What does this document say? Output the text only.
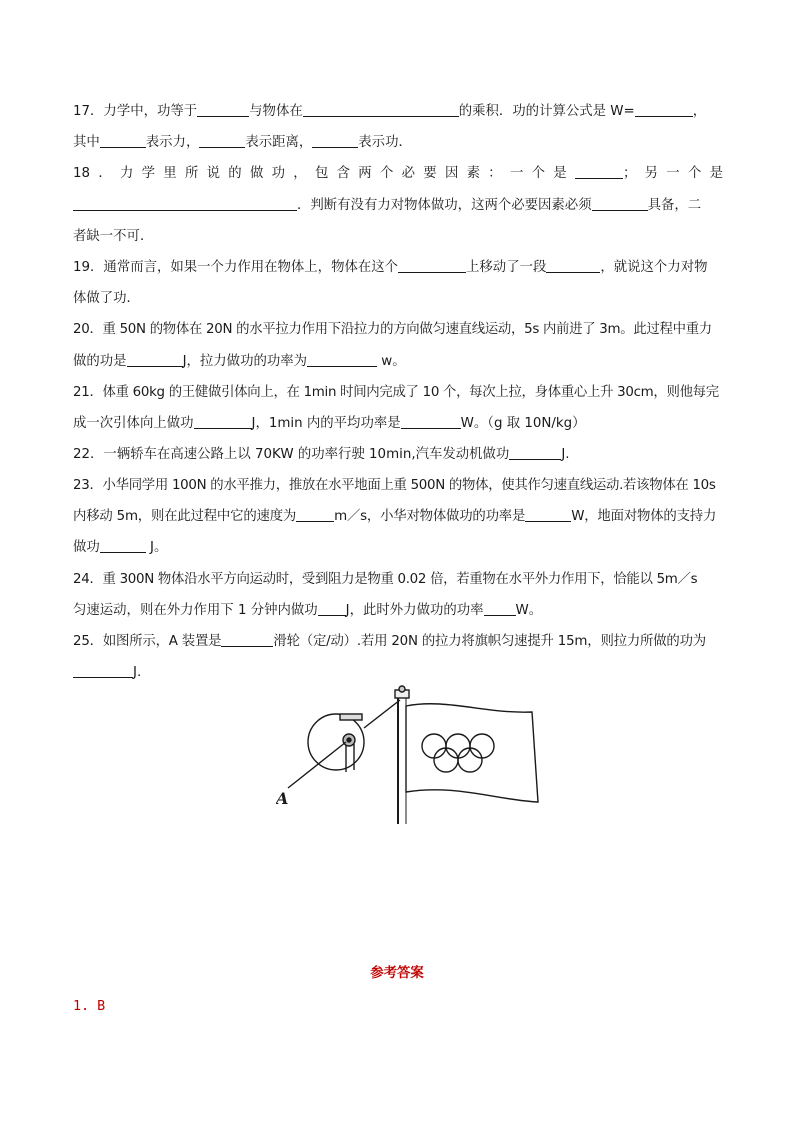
17．力学中，功等于	与物体在	的乘积．功的计算公式是 W=	，
其中	表示力，	表示距离，	表示功．
18．力学里所说的做功，包含两个必要因素：一个是	；另一个是
．判断有没有力对物体做功，这两个必要因素必须	具备，二
者缺一不可．
19．通常而言，如果一个力作用在物体上，物体在这个	上移动了一段	，就说这个力对物
体做了功．
20．重 50N 的物体在 20N 的水平拉力作用下沿拉力的方向做匀速直线运动，5s 内前进了 3m。此过程中重力
做的功是	J，拉力做功的功率为	w。
21．体重 60kg 的王健做引体向上，在 1min 时间内完成了 10 个，每次上拉，身体重心上升 30cm，则他每完
成一次引体向上做功	J，1min 内的平均功率是	W。（g 取 10N/kg）
22．一辆轿车在高速公路上以 70KW 的功率行驶 10min,汽车发动机做功	J.
23．小华同学用 100N 的水平推力，推放在水平地面上重 500N 的物体，使其作匀速直线运动.若该物体在 10s
内移动 5m，则在此过程中它的速度为	m／s，小华对物体做功的功率是	W，地面对物体的支持力
做功	J。
24．重 300N 物体沿水平方向运动时，受到阻力是物重 0.02 倍，若重物在水平外力作用下，恰能以 5m／s
匀速运动，则在外力作用下 1 分钟内做功 J，此时外力做功的功率 W。
25．如图所示，A 装置是	滑轮（定/动）.若用 20N 的拉力将旗帜匀速提升 15m，则拉力所做的功为
J.
A
参考答案
1. B
